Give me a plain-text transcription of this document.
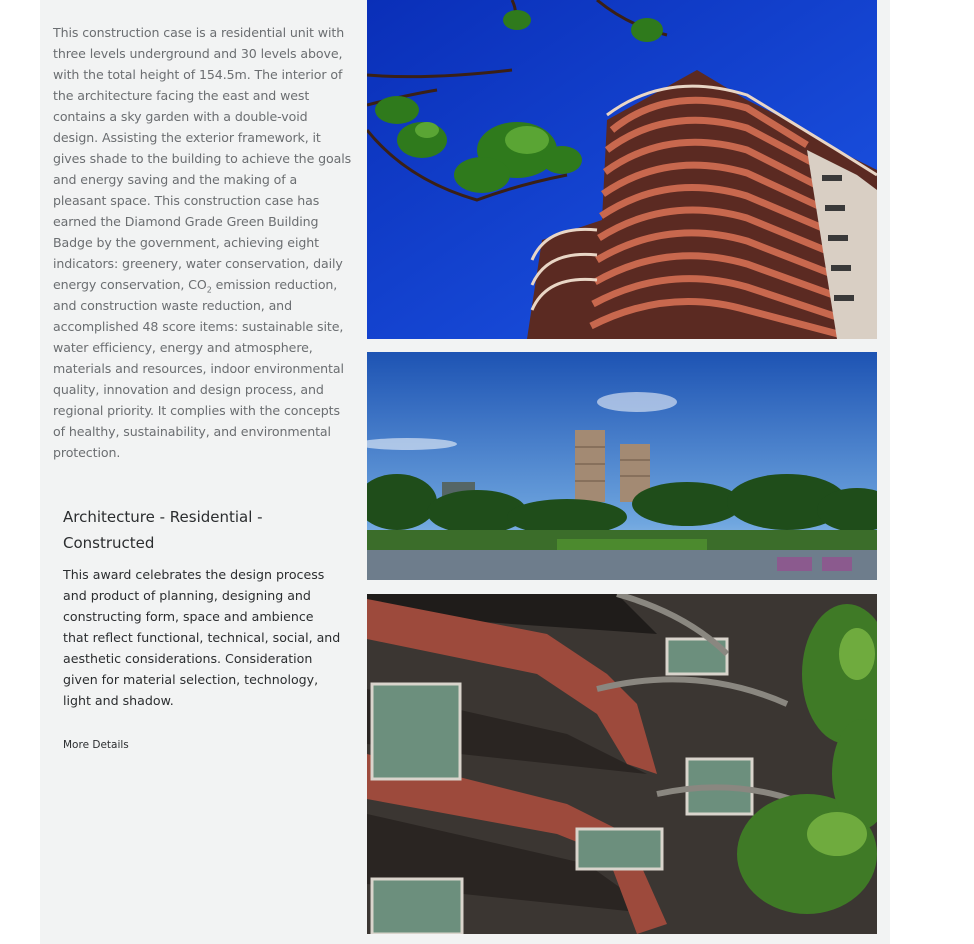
This construction case is a residential unit with three levels underground and 30 levels above, with the total height of 154.5m. The interior of the architecture facing the east and west contains a sky garden with a double-void design. Assisting the exterior framework, it gives shade to the building to achieve the goals and energy saving and the making of a pleasant space. This construction case has earned the Diamond Grade Green Building Badge by the government, achieving eight indicators: greenery, water conservation, daily energy conservation, $CO_2$ emission reduction, and construction waste reduction, and accomplished 48 score items: sustainable site, water efficiency, energy and atmosphere, materials and resources, indoor environmental quality, innovation and design process, and regional priority. It complies with the concepts of healthy, sustainability, and environmental protection.

Architecture - Residential - Constructed

This award celebrates the design process and product of planning, designing and constructing form, space and ambience that reflect functional, technical, social, and aesthetic considerations. Consideration given for material selection, technology, light and shadow.

More Details
